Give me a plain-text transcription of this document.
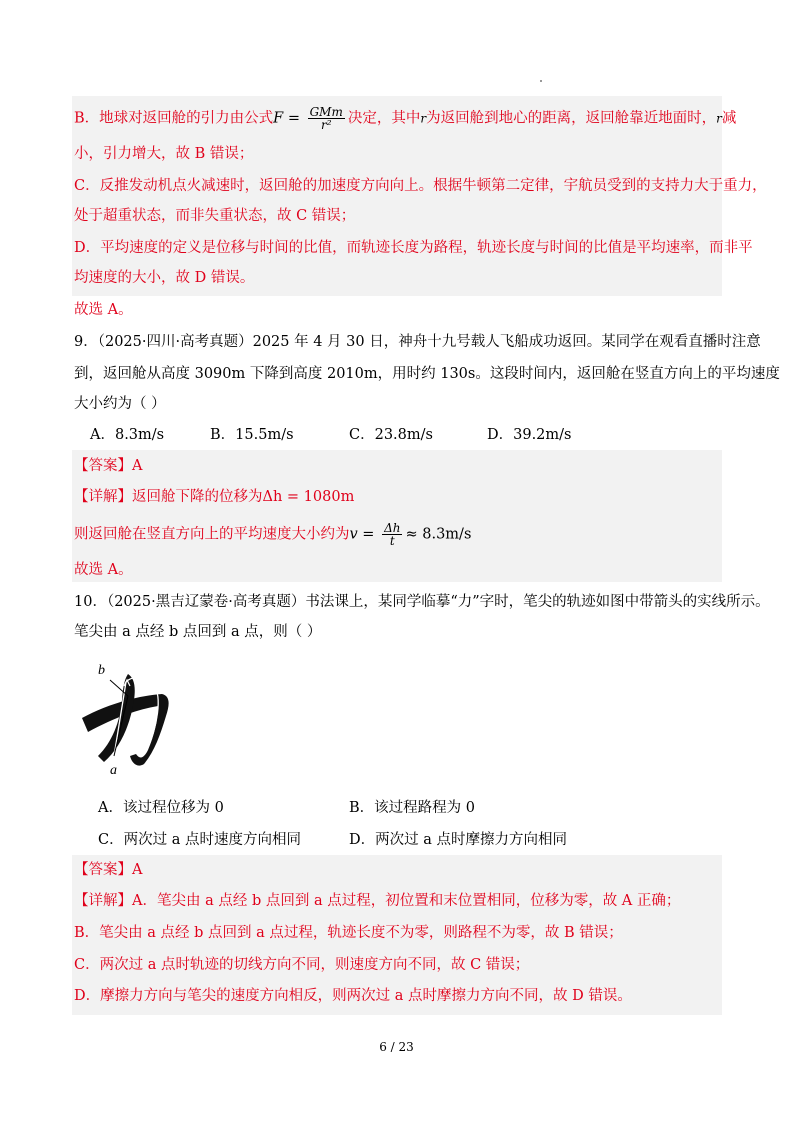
B．地球对返回舱的引力由公式$F = \frac{\text{GMm}}{\text{r²}}$ 决定，其中r为返回舱到地心的距离，返回舱靠近地面时，r减
小，引力增大，故 B 错误；
C．反推发动机点火减速时，返回舱的加速度方向向上。根据牛顿第二定律，宇航员受到的支持力大于重力，
处于超重状态，而非失重状态，故 C 错误；
D．平均速度的定义是位移与时间的比值，而轨迹长度为路程，轨迹长度与时间的比值是平均速率，而非平
均速度的大小，故 D 错误。
故选 A。
9．（2025·四川·高考真题）2025 年 4 月 30 日，神舟十九号载人飞船成功返回。某同学在观看直播时注意
到，返回舱从高度 3090m 下降到高度 2010m，用时约 130s。这段时间内，返回舱在竖直方向上的平均速度
大小约为（ ）
A．8.3m/s	B．15.5m/s	C．23.8m/s	D．39.2m/s
【答案】A
【详解】返回舱下降的位移为Δh = 1080m
则返回舱在竖直方向上的平均速度大小约为$v = \frac{\Delta h}{t} \approx 8.3m/s$
故选 A。
10．（2025·黑吉辽蒙卷·高考真题）书法课上，某同学临摹“力”字时，笔尖的轨迹如图中带箭头的实线所示。
笔尖由 a 点经 b 点回到 a 点，则（ ）
b
a
A．该过程位移为 0	B．该过程路程为 0
C．两次过 a 点时速度方向相同	D．两次过 a 点时摩擦力方向相同
【答案】A
【详解】A．笔尖由 a 点经 b 点回到 a 点过程，初位置和末位置相同，位移为零，故 A 正确；
B．笔尖由 a 点经 b 点回到 a 点过程，轨迹长度不为零，则路程不为零，故 B 错误；
C．两次过 a 点时轨迹的切线方向不同，则速度方向不同，故 C 错误；
D．摩擦力方向与笔尖的速度方向相反，则两次过 a 点时摩擦力方向不同，故 D 错误。
6 / 23
